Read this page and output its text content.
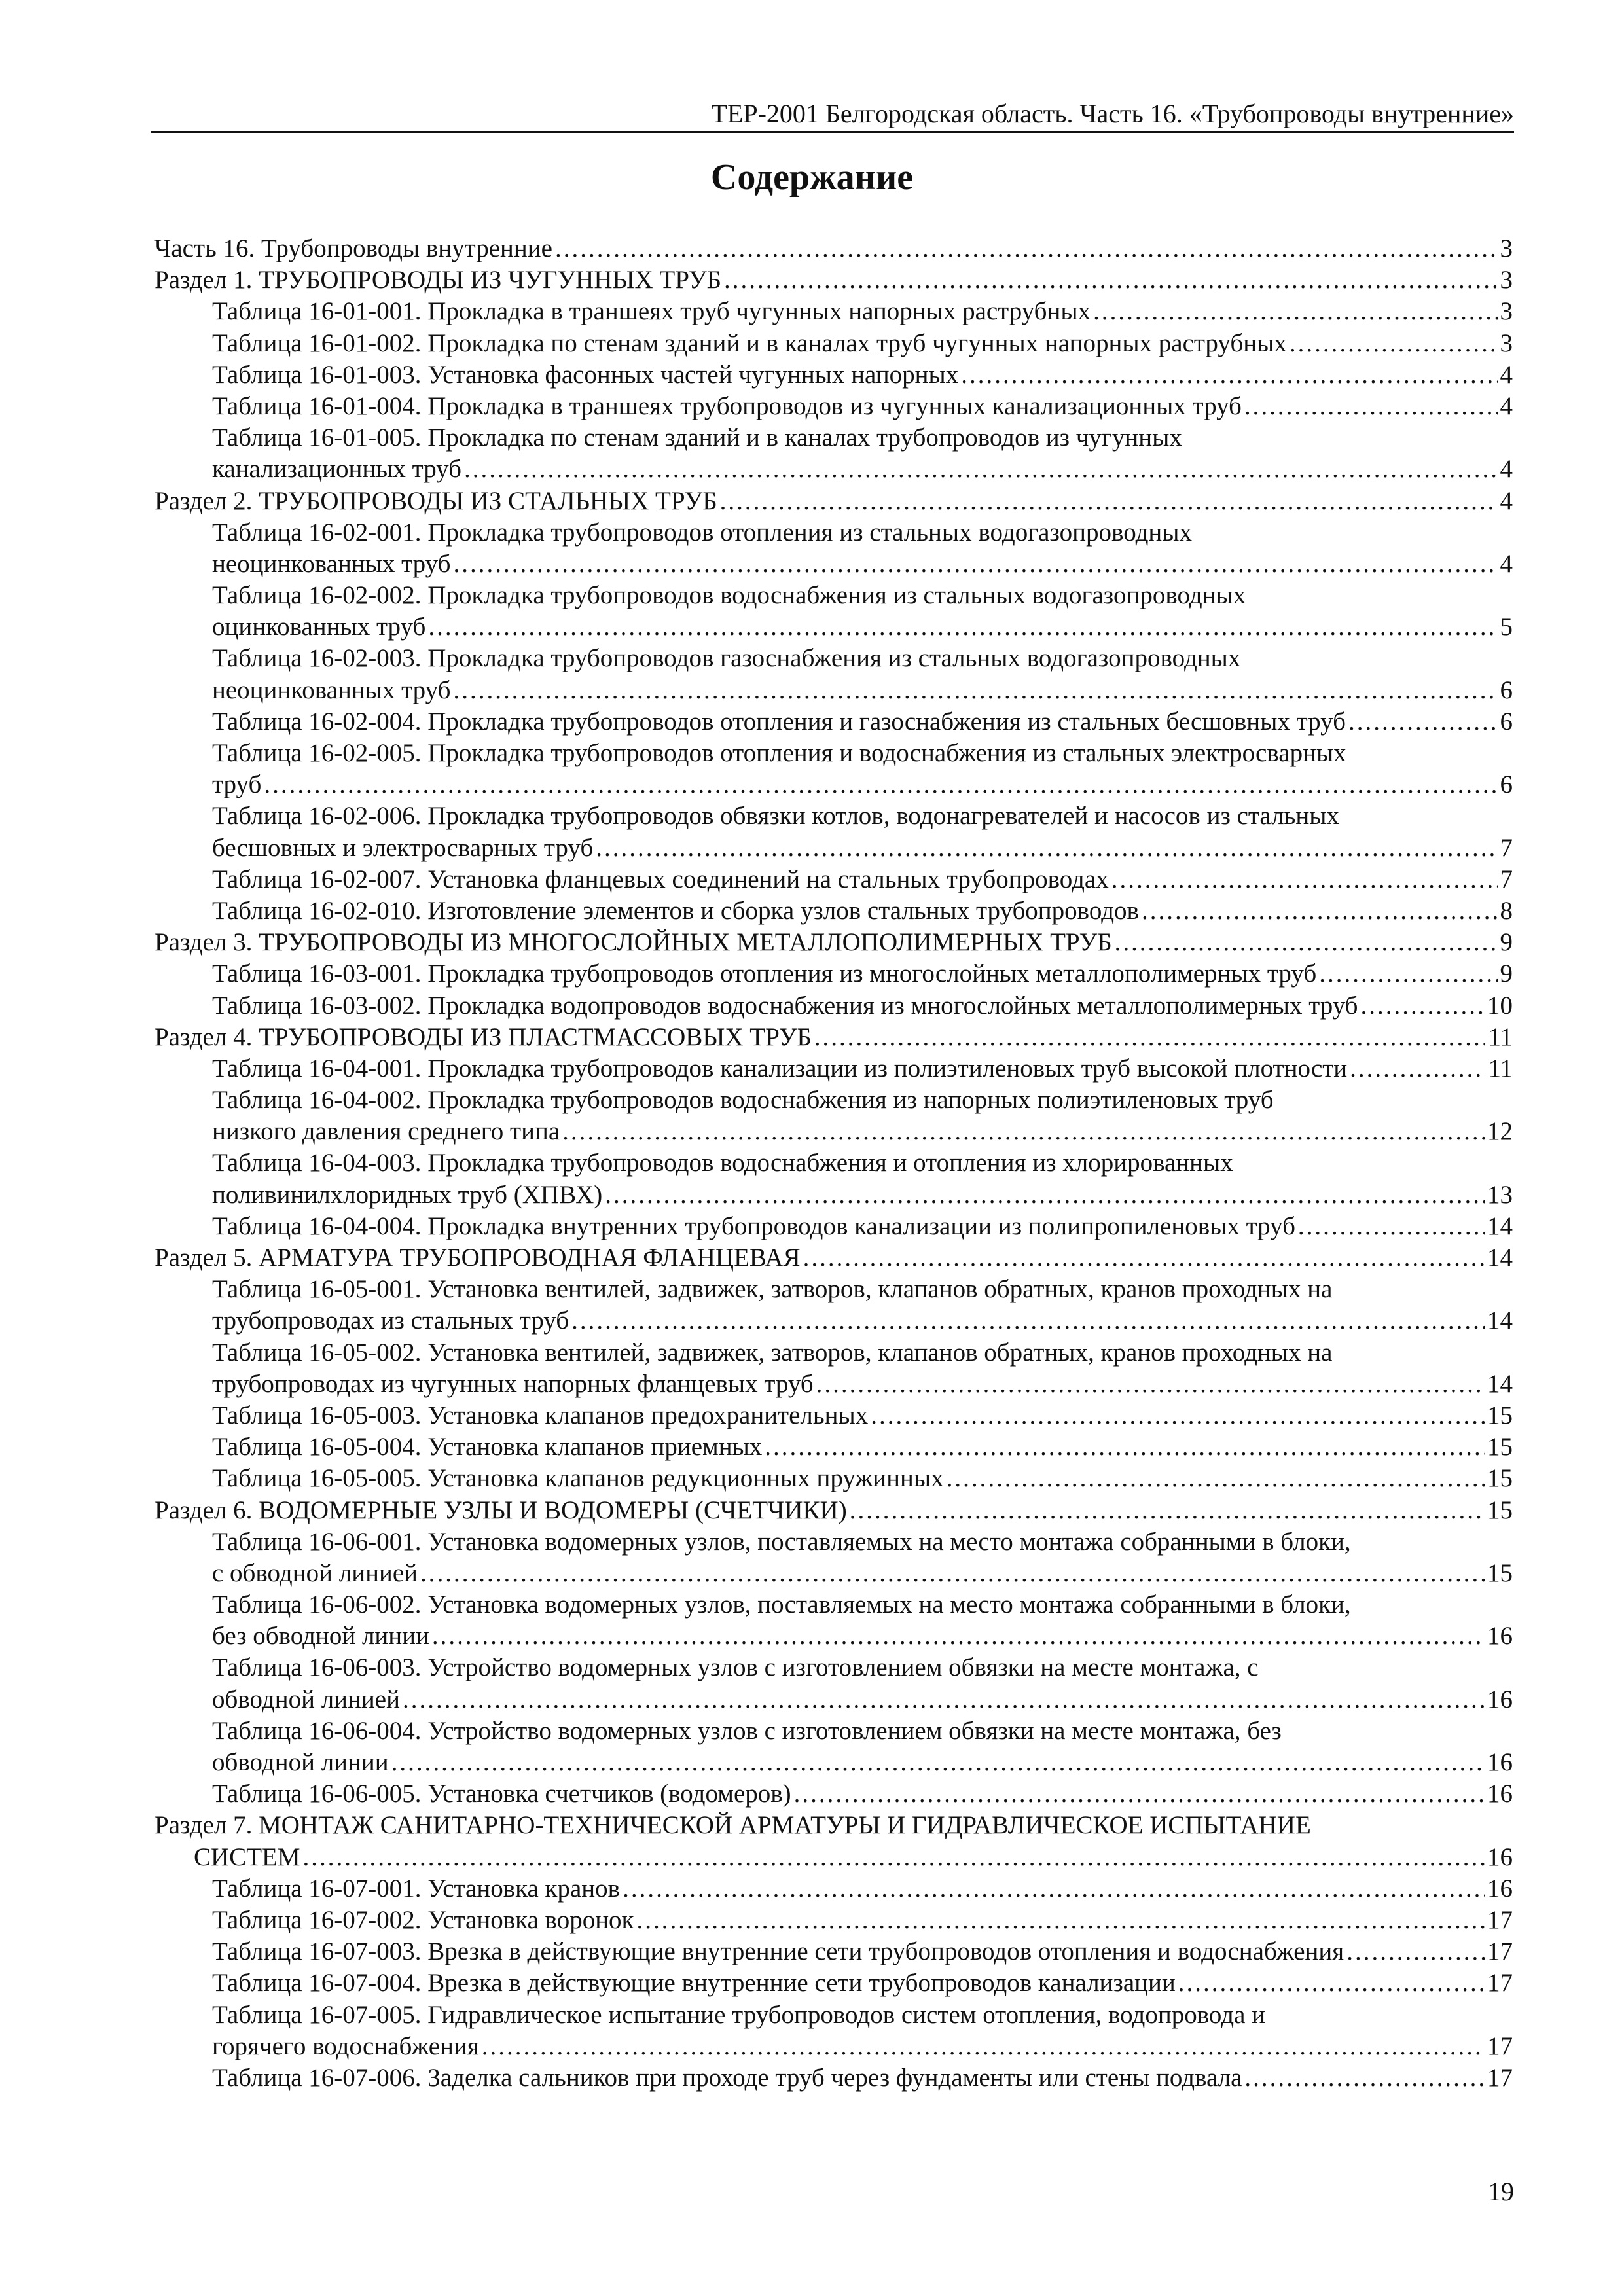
ТЕР-2001 Белгородская область. Часть 16. «Трубопроводы внутренние»
Содержание
Часть 16. Трубопроводы внутренние .....	3
Раздел 1. ТРУБОПРОВОДЫ ИЗ ЧУГУННЫХ ТРУБ .....	3
Таблица 16-01-001. Прокладка в траншеях труб чугунных напорных раструбных .....	3
Таблица 16-01-002. Прокладка по стенам зданий и в каналах труб чугунных напорных раструбных .....	3
Таблица 16-01-003. Установка фасонных частей чугунных напорных .....	4
Таблица 16-01-004. Прокладка в траншеях трубопроводов из чугунных канализационных труб .....	4
Таблица 16-01-005. Прокладка по стенам зданий и в каналах трубопроводов из чугунных
канализационных труб .....	4
Раздел 2. ТРУБОПРОВОДЫ ИЗ СТАЛЬНЫХ ТРУБ .....	4
Таблица 16-02-001. Прокладка трубопроводов отопления из стальных водогазопроводных
неоцинкованных труб .....	4
Таблица 16-02-002. Прокладка трубопроводов водоснабжения из стальных водогазопроводных
оцинкованных труб .....	5
Таблица 16-02-003. Прокладка трубопроводов газоснабжения из стальных водогазопроводных
неоцинкованных труб .....	6
Таблица 16-02-004. Прокладка трубопроводов отопления и газоснабжения из стальных бесшовных труб .....	6
Таблица 16-02-005. Прокладка трубопроводов отопления и водоснабжения из стальных электросварных
труб .....	6
Таблица 16-02-006. Прокладка трубопроводов обвязки котлов, водонагревателей и насосов из стальных
бесшовных и электросварных труб .....	7
Таблица 16-02-007. Установка фланцевых соединений на стальных трубопроводах .....	7
Таблица 16-02-010. Изготовление элементов и сборка узлов стальных трубопроводов .....	8
Раздел 3. ТРУБОПРОВОДЫ ИЗ МНОГОСЛОЙНЫХ МЕТАЛЛОПОЛИМЕРНЫХ ТРУБ .....	9
Таблица 16-03-001. Прокладка трубопроводов отопления из многослойных металлополимерных труб .....	9
Таблица 16-03-002. Прокладка водопроводов водоснабжения из многослойных металлополимерных труб .....	10
Раздел 4. ТРУБОПРОВОДЫ ИЗ ПЛАСТМАССОВЫХ ТРУБ .....	11
Таблица 16-04-001. Прокладка трубопроводов канализации из полиэтиленовых труб высокой плотности .....	11
Таблица 16-04-002. Прокладка трубопроводов водоснабжения из напорных полиэтиленовых труб
низкого давления среднего типа .....	12
Таблица 16-04-003. Прокладка трубопроводов водоснабжения и отопления из хлорированных
поливинилхлоридных труб (ХПВХ) .....	13
Таблица 16-04-004. Прокладка внутренних трубопроводов канализации из полипропиленовых труб .....	14
Раздел 5. АРМАТУРА ТРУБОПРОВОДНАЯ ФЛАНЦЕВАЯ .....	14
Таблица 16-05-001. Установка вентилей, задвижек, затворов, клапанов обратных, кранов проходных на
трубопроводах из стальных труб .....	14
Таблица 16-05-002. Установка вентилей, задвижек, затворов, клапанов обратных, кранов проходных на
трубопроводах из чугунных напорных фланцевых труб .....	14
Таблица 16-05-003. Установка клапанов предохранительных .....	15
Таблица 16-05-004. Установка клапанов приемных .....	15
Таблица 16-05-005. Установка клапанов редукционных пружинных .....	15
Раздел 6. ВОДОМЕРНЫЕ УЗЛЫ И ВОДОМЕРЫ (СЧЕТЧИКИ) .....	15
Таблица 16-06-001. Установка водомерных узлов, поставляемых на место монтажа собранными в блоки,
с обводной линией .....	15
Таблица 16-06-002. Установка водомерных узлов, поставляемых на место монтажа собранными в блоки,
без обводной линии .....	16
Таблица 16-06-003. Устройство водомерных узлов с изготовлением обвязки на месте монтажа, с
обводной линией .....	16
Таблица 16-06-004. Устройство водомерных узлов с изготовлением обвязки на месте монтажа, без
обводной линии .....	16
Таблица 16-06-005. Установка счетчиков (водомеров) .....	16
Раздел 7. МОНТАЖ САНИТАРНО-ТЕХНИЧЕСКОЙ АРМАТУРЫ И ГИДРАВЛИЧЕСКОЕ ИСПЫТАНИЕ
СИСТЕМ .....	16
Таблица 16-07-001. Установка кранов .....	16
Таблица 16-07-002. Установка воронок .....	17
Таблица 16-07-003. Врезка в действующие внутренние сети трубопроводов отопления и водоснабжения .....	17
Таблица 16-07-004. Врезка в действующие внутренние сети трубопроводов канализации .....	17
Таблица 16-07-005. Гидравлическое испытание трубопроводов систем отопления, водопровода и
горячего водоснабжения .....	17
Таблица 16-07-006. Заделка сальников при проходе труб через фундаменты или стены подвала .....	17
19
